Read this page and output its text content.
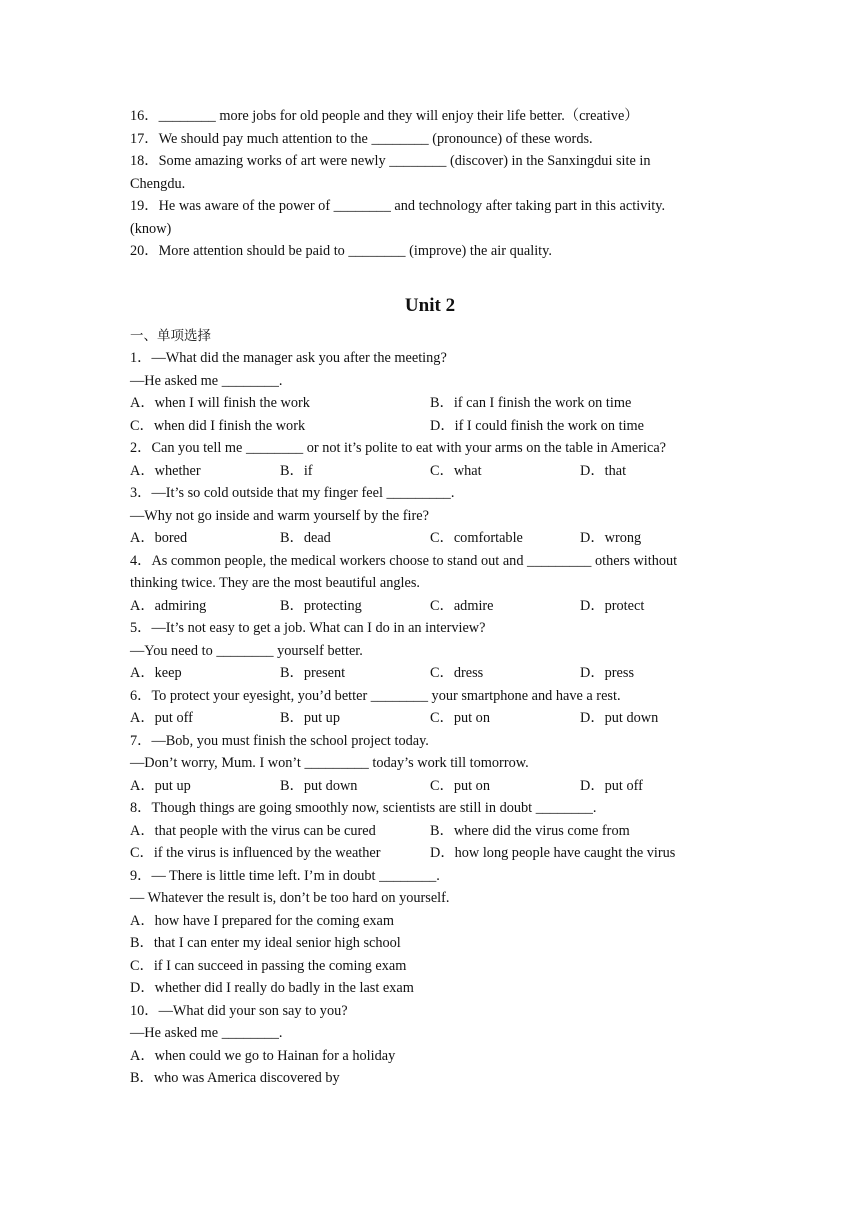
16．________ more jobs for old people and they will enjoy their life better.（creative）
17．We should pay much attention to the ________ (pronounce) of these words.
18．Some amazing works of art were newly ________ (discover) in the Sanxingdui site in
Chengdu.
19．He was aware of the power of ________ and technology after taking part in this activity.
(know)
20．More attention should be paid to ________ (improve) the air quality.
Unit 2
一、单项选择
1．—What did the manager ask you after the meeting?
—He asked me ________.
A．when I will finish the work	B．if can I finish the work on time
C．when did I finish the work	D．if I could finish the work on time
2．Can you tell me ________ or not it’s polite to eat with your arms on the table in America?
A．whether	B．if	C．what	D．that
3．—It’s so cold outside that my finger feel _________.
—Why not go inside and warm yourself by the fire?
A．bored	B．dead	C．comfortable	D．wrong
4．As common people, the medical workers choose to stand out and _________ others without
thinking twice. They are the most beautiful angles.
A．admiring	B．protecting	C．admire	D．protect
5．—It’s not easy to get a job. What can I do in an interview?
—You need to ________ yourself better.
A．keep	B．present	C．dress	D．press
6．To protect your eyesight, you’d better ________ your smartphone and have a rest.
A．put off	B．put up	C．put on	D．put down
7．—Bob, you must finish the school project today.
—Don’t worry, Mum. I won’t _________ today’s work till tomorrow.
A．put up	B．put down	C．put on	D．put off
8．Though things are going smoothly now, scientists are still in doubt ________.
A．that people with the virus can be cured	B．where did the virus come from
C．if the virus is influenced by the weather	D．how long people have caught the virus
9．— There is little time left. I’m in doubt ________.
— Whatever the result is, don’t be too hard on yourself.
A．how have I prepared for the coming exam
B．that I can enter my ideal senior high school
C．if I can succeed in passing the coming exam
D．whether did I really do badly in the last exam
10．—What did your son say to you?
—He asked me ________.
A．when could we go to Hainan for a holiday
B．who was America discovered by
